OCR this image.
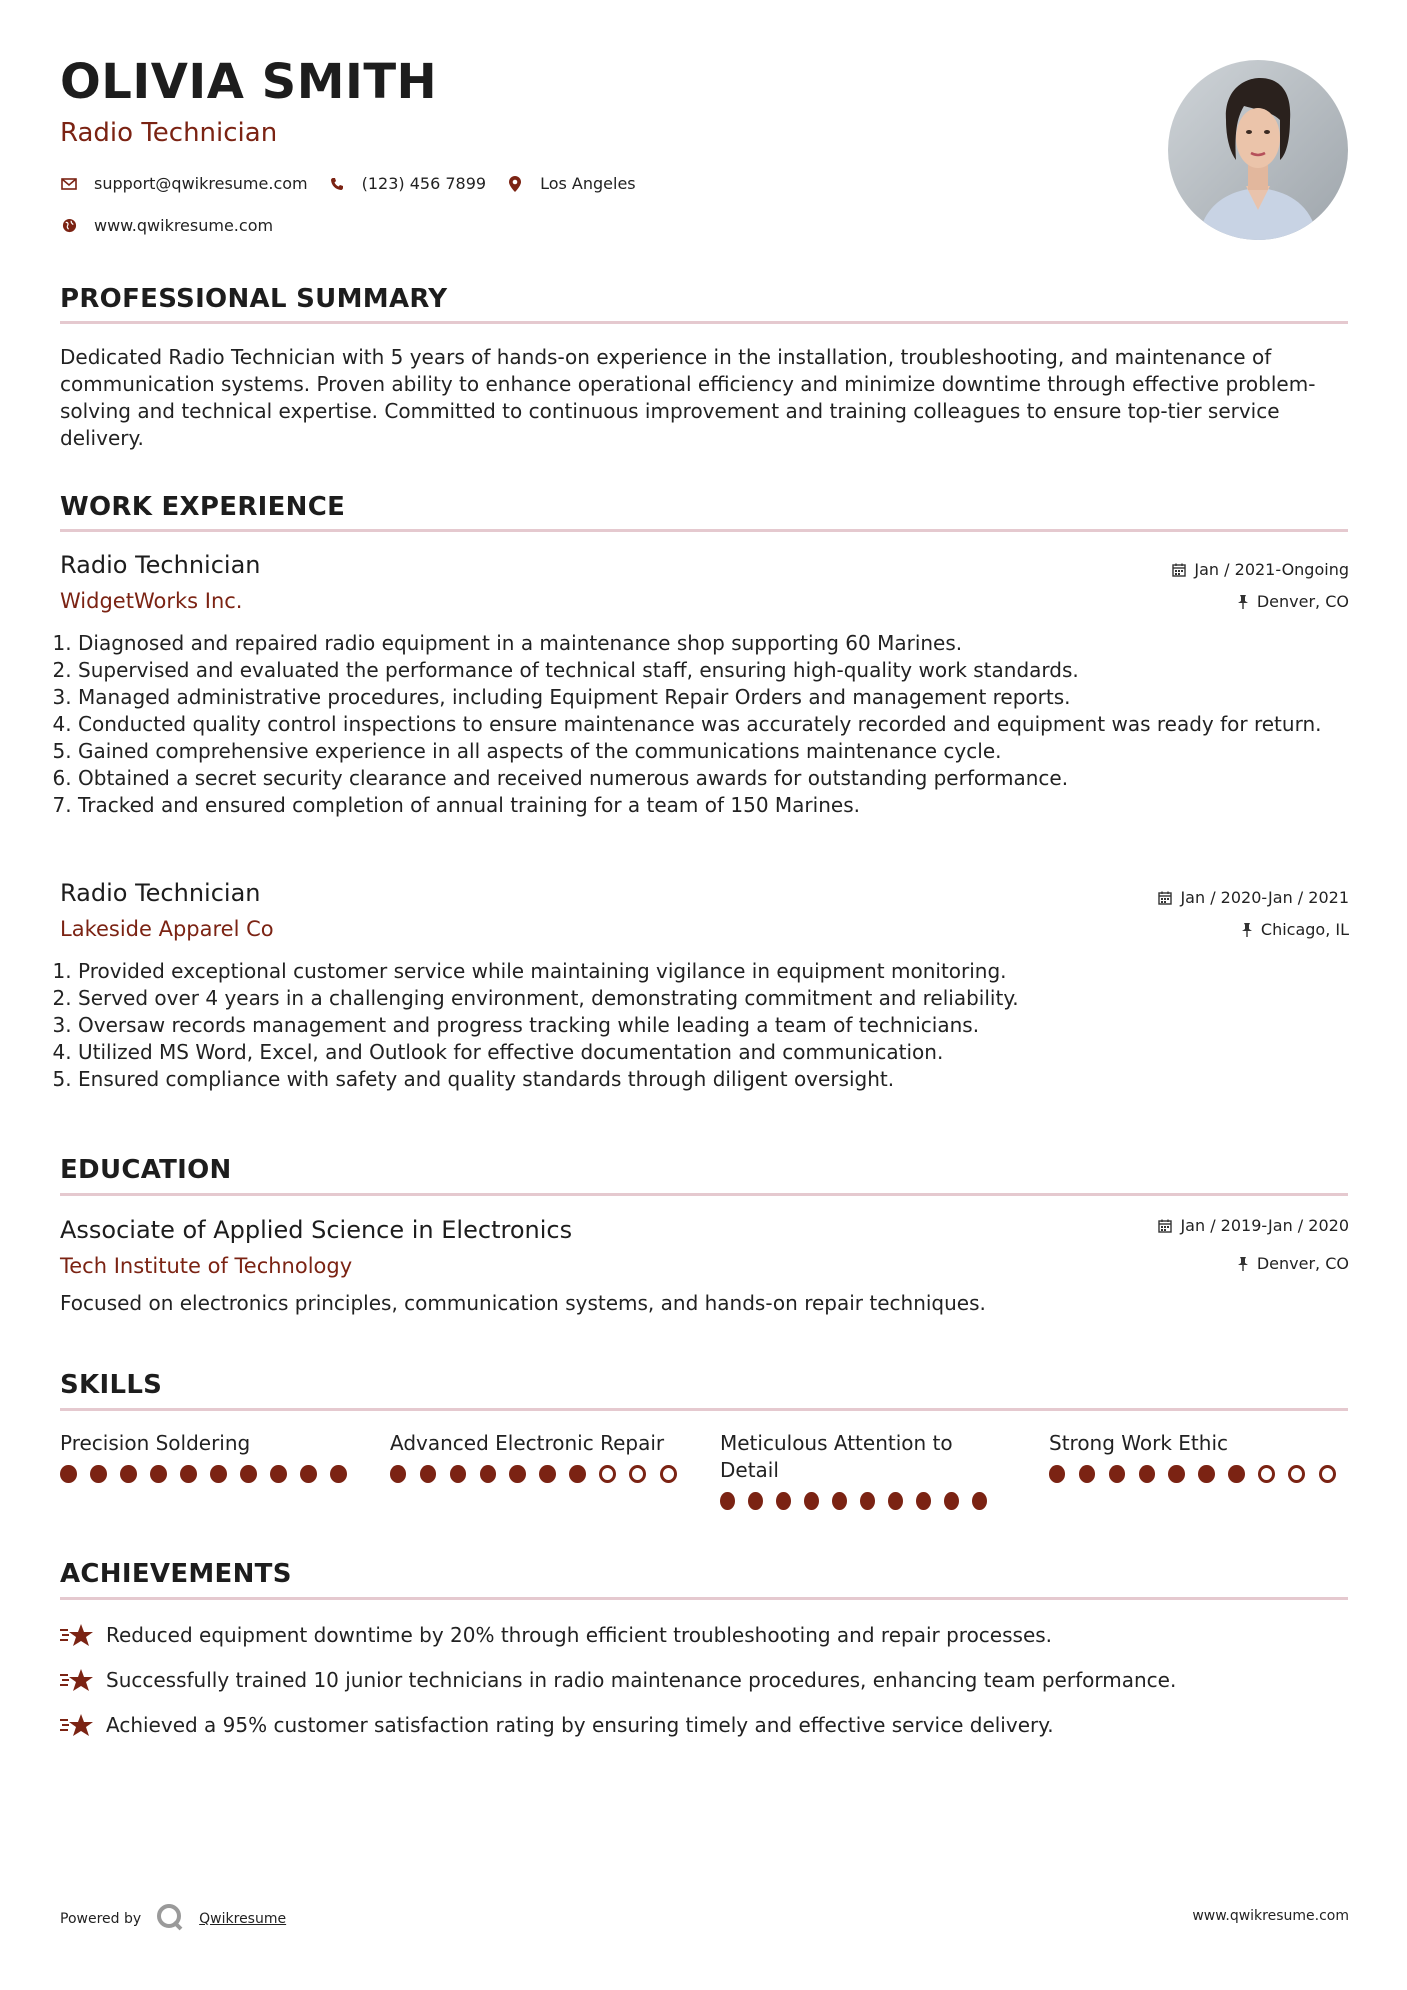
OLIVIA SMITH
Radio Technician
support@qwikresume.com	(123) 456 7899	Los Angeles
www.qwikresume.com
PROFESSIONAL SUMMARY
Dedicated Radio Technician with 5 years of hands-on experience in the installation, troubleshooting, and maintenance of communication systems. Proven ability to enhance operational efficiency and minimize downtime through effective problem-solving and technical expertise. Committed to continuous improvement and training colleagues to ensure top-tier service delivery.
WORK EXPERIENCE
Radio Technician
WidgetWorks Inc.
Jan / 2021-Ongoing
Denver, CO
1. Diagnosed and repaired radio equipment in a maintenance shop supporting 60 Marines.
2. Supervised and evaluated the performance of technical staff, ensuring high-quality work standards.
3. Managed administrative procedures, including Equipment Repair Orders and management reports.
4. Conducted quality control inspections to ensure maintenance was accurately recorded and equipment was ready for return.
5. Gained comprehensive experience in all aspects of the communications maintenance cycle.
6. Obtained a secret security clearance and received numerous awards for outstanding performance.
7. Tracked and ensured completion of annual training for a team of 150 Marines.
Radio Technician
Lakeside Apparel Co
Jan / 2020-Jan / 2021
Chicago, IL
1. Provided exceptional customer service while maintaining vigilance in equipment monitoring.
2. Served over 4 years in a challenging environment, demonstrating commitment and reliability.
3. Oversaw records management and progress tracking while leading a team of technicians.
4. Utilized MS Word, Excel, and Outlook for effective documentation and communication.
5. Ensured compliance with safety and quality standards through diligent oversight.
EDUCATION
Associate of Applied Science in Electronics
Tech Institute of Technology
Jan / 2019-Jan / 2020
Denver, CO
Focused on electronics principles, communication systems, and hands-on repair techniques.
SKILLS
Precision Soldering	Advanced Electronic Repair	Meticulous Attention to Detail
Strong Work Ethic
ACHIEVEMENTS
Reduced equipment downtime by 20% through efficient troubleshooting and repair processes.
Successfully trained 10 junior technicians in radio maintenance procedures, enhancing team performance.
Achieved a 95% customer satisfaction rating by ensuring timely and effective service delivery.
Powered by	Qwikresume	www.qwikresume.com
